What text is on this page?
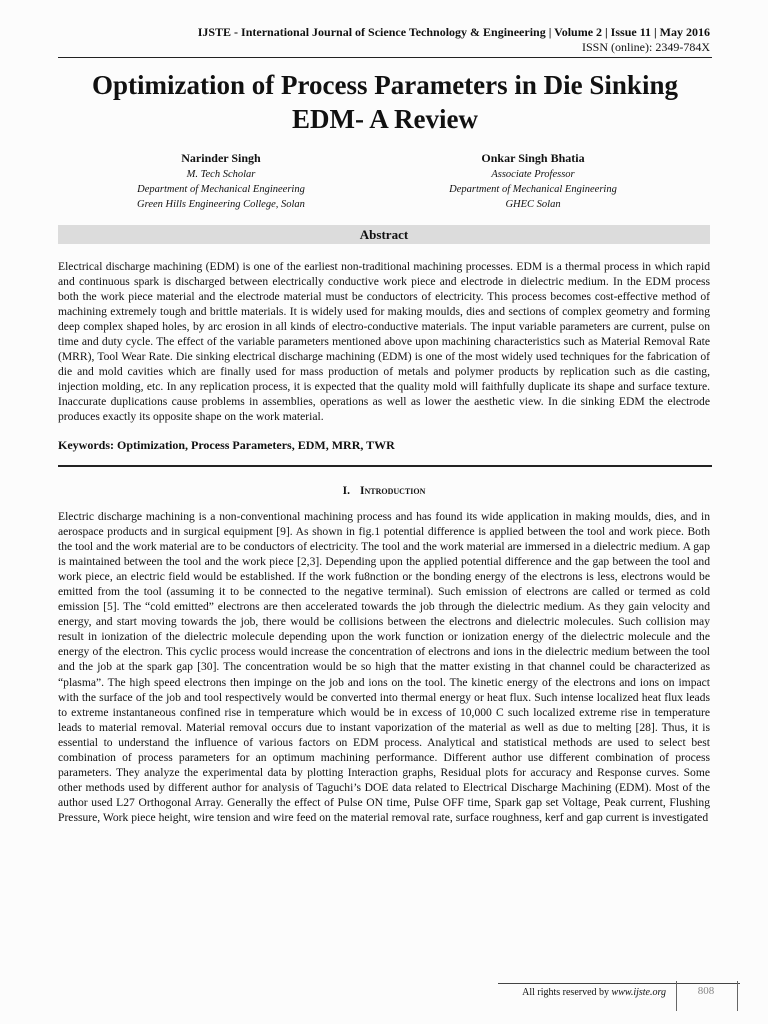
IJSTE - International Journal of Science Technology & Engineering | Volume 2 | Issue 11 | May 2016
ISSN (online): 2349-784X
Optimization of Process Parameters in Die Sinking EDM- A Review
Narinder Singh
M. Tech Scholar
Department of Mechanical Engineering
Green Hills Engineering College, Solan
Onkar Singh Bhatia
Associate Professor
Department of Mechanical Engineering
GHEC Solan
Abstract

Electrical discharge machining (EDM) is one of the earliest non-traditional machining processes. EDM is a thermal process in which rapid and continuous spark is discharged between electrically conductive work piece and electrode in dielectric medium. In the EDM process both the work piece material and the electrode material must be conductors of electricity. This process becomes cost-effective method of machining extremely tough and brittle materials. It is widely used for making moulds, dies and sections of complex geometry and forming deep complex shaped holes, by arc erosion in all kinds of electro-conductive materials. The input variable parameters are current, pulse on time and duty cycle. The effect of the variable parameters mentioned above upon machining characteristics such as Material Removal Rate (MRR), Tool Wear Rate. Die sinking electrical discharge machining (EDM) is one of the most widely used techniques for the fabrication of die and mold cavities which are finally used for mass production of metals and polymer products by replication such as die casting, injection molding, etc. In any replication process, it is expected that the quality mold will faithfully duplicate its shape and surface texture. Inaccurate duplications cause problems in assemblies, operations as well as lower the aesthetic view. In die sinking EDM the electrode produces exactly its opposite shape on the work material.

Keywords: Optimization, Process Parameters, EDM, MRR, TWR
I. Introduction

Electric discharge machining is a non-conventional machining process and has found its wide application in making moulds, dies, and in aerospace products and in surgical equipment [9]. As shown in fig.1 potential difference is applied between the tool and work piece. Both the tool and the work material are to be conductors of electricity. The tool and the work material are immersed in a dielectric medium. A gap is maintained between the tool and the work piece [2,3]. Depending upon the applied potential difference and the gap between the tool and work piece, an electric field would be established. If the work fu8nction or the bonding energy of the electrons is less, electrons would be emitted from the tool (assuming it to be connected to the negative terminal). Such emission of electrons are called or termed as cold emission [5]. The “cold emitted” electrons are then accelerated towards the job through the dielectric medium. As they gain velocity and energy, and start moving towards the job, there would be collisions between the electrons and dielectric molecules. Such collision may result in ionization of the dielectric molecule depending upon the work function or ionization energy of the dielectric molecule and the energy of the electron. This cyclic process would increase the concentration of electrons and ions in the dielectric medium between the tool and the job at the spark gap [30]. The concentration would be so high that the matter existing in that channel could be characterized as “plasma”. The high speed electrons then impinge on the job and ions on the tool. The kinetic energy of the electrons and ions on impact with the surface of the job and tool respectively would be converted into thermal energy or heat flux. Such intense localized heat flux leads to extreme instantaneous confined rise in temperature which would be in excess of 10,000 C such localized extreme rise in temperature leads to material removal. Material removal occurs due to instant vaporization of the material as well as due to melting [28]. Thus, it is essential to understand the influence of various factors on EDM process. Analytical and statistical methods are used to select best combination of process parameters for an optimum machining performance. Different author use different combination of process parameters. They analyze the experimental data by plotting Interaction graphs, Residual plots for accuracy and Response curves. Some other methods used by different author for analysis of Taguchi’s DOE data related to Electrical Discharge Machining (EDM). Most of the author used L27 Orthogonal Array. Generally the effect of Pulse ON time, Pulse OFF time, Spark gap set Voltage, Peak current, Flushing Pressure, Work piece height, wire tension and wire feed on the material removal rate, surface roughness, kerf and gap current is investigated

All rights reserved by www.ijste.org	808
